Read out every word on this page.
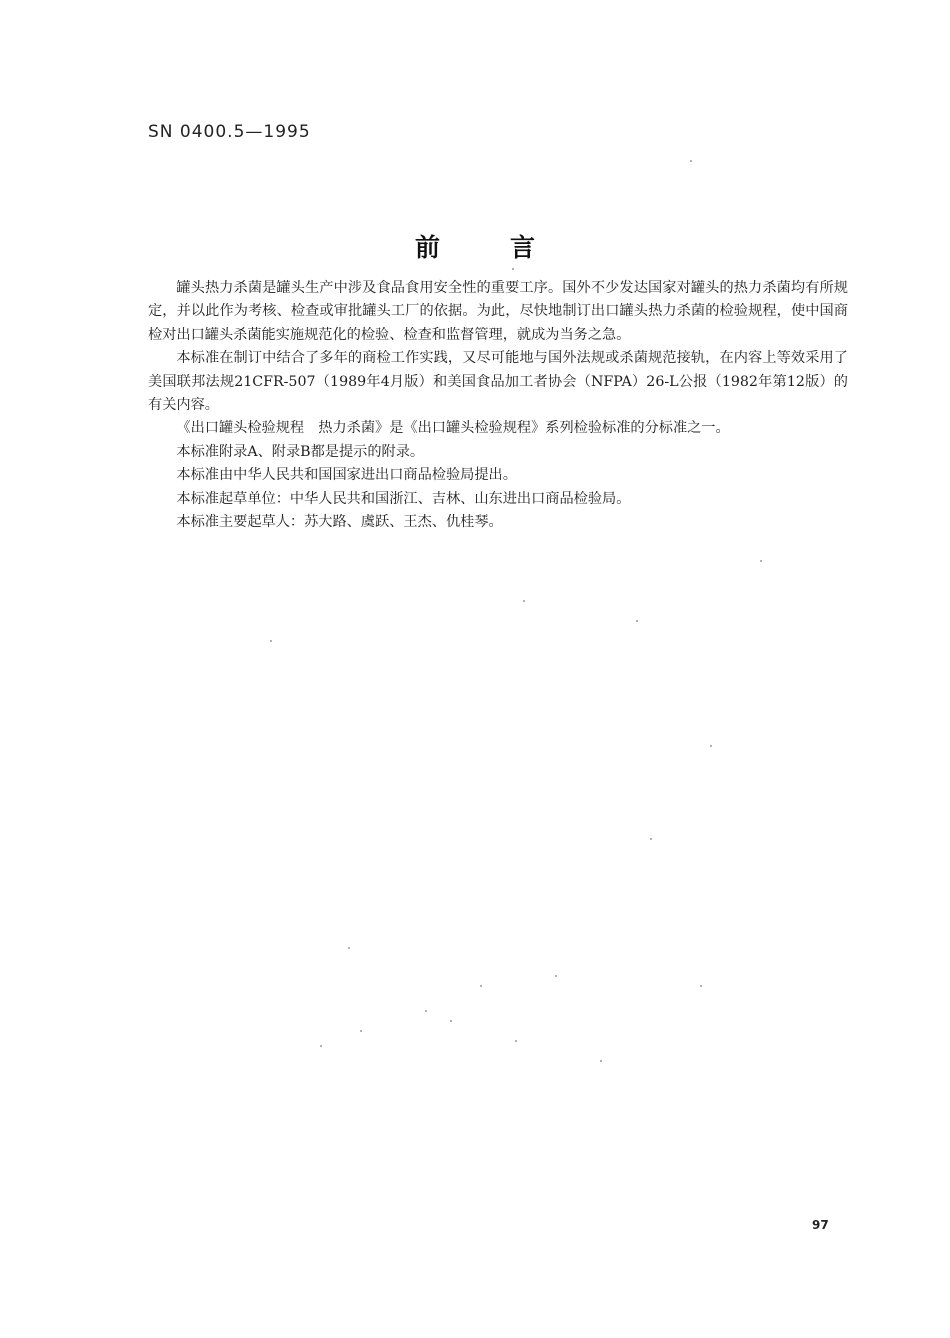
SN 0400.5—1995
前言

罐头热力杀菌是罐头生产中涉及食品食用安全性的重要工序。国外不少发达国家对罐头的热力杀菌均有所规定，并以此作为考核、检查或审批罐头工厂的依据。为此，尽快地制订出口罐头热力杀菌的检验规程，使中国商检对出口罐头杀菌能实施规范化的检验、检查和监督管理，就成为当务之急。

本标准在制订中结合了多年的商检工作实践，又尽可能地与国外法规或杀菌规范接轨，在内容上等效采用了美国联邦法规21CFR-507（1989年4月版）和美国食品加工者协会（NFPA）26-L公报（1982年第12版）的有关内容。

《出口罐头检验规程　热力杀菌》是《出口罐头检验规程》系列检验标准的分标准之一。

本标准附录A、附录B都是提示的附录。

本标准由中华人民共和国国家进出口商品检验局提出。

本标准起草单位：中华人民共和国浙江、吉林、山东进出口商品检验局。

本标准主要起草人：苏大路、虞跃、王杰、仇桂琴。

97
